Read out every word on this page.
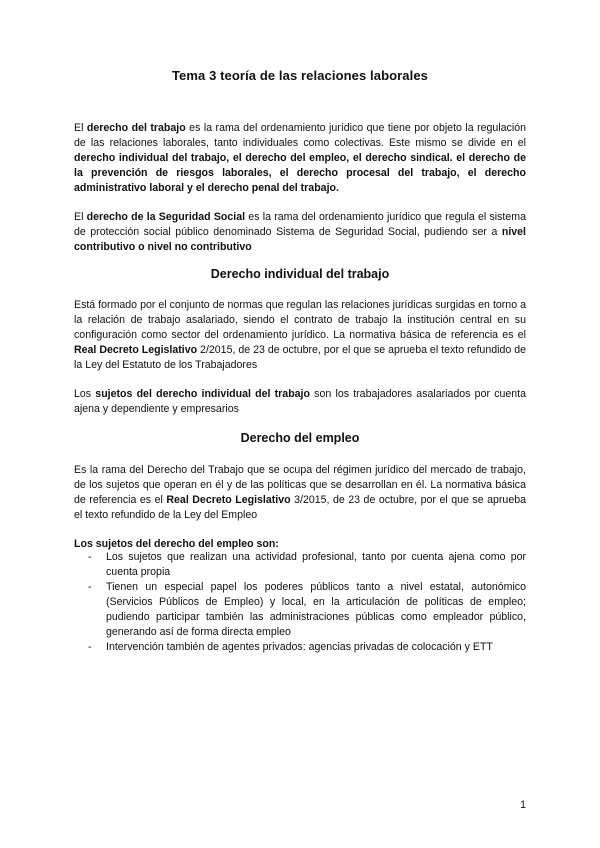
Tema 3 teoría de las relaciones laborales

El derecho del trabajo es la rama del ordenamiento jurídico que tiene por objeto la regulación de las relaciones laborales, tanto individuales como colectivas. Este mismo se divide en el derecho individual del trabajo, el derecho del empleo, el derecho sindical. el derecho de la prevención de riesgos laborales, el derecho procesal del trabajo, el derecho administrativo laboral y el derecho penal del trabajo.

El derecho de la Seguridad Social es la rama del ordenamiento jurídico que regula el sistema de protección social público denominado Sistema de Seguridad Social, pudiendo ser a nivel contributivo o nivel no contributivo

Derecho individual del trabajo

Está formado por el conjunto de normas que regulan las relaciones jurídicas surgidas en torno a la relación de trabajo asalariado, siendo el contrato de trabajo la institución central en su configuración como sector del ordenamiento jurídico. La normativa básica de referencia es el Real Decreto Legislativo 2/2015, de 23 de octubre, por el que se aprueba el texto refundido de la Ley del Estatuto de los Trabajadores

Los sujetos del derecho individual del trabajo son los trabajadores asalariados por cuenta ajena y dependiente y empresarios

Derecho del empleo

Es la rama del Derecho del Trabajo que se ocupa del régimen jurídico del mercado de trabajo, de los sujetos que operan en él y de las políticas que se desarrollan en él. La normativa básica de referencia es el Real Decreto Legislativo 3/2015, de 23 de octubre, por el que se aprueba el texto refundido de la Ley del Empleo

Los sujetos del derecho del empleo son:

- Los sujetos que realizan una actividad profesional, tanto por cuenta ajena como por cuenta propia
- Tienen un especial papel los poderes públicos tanto a nivel estatal, autonómico (Servicios Públicos de Empleo) y local, en la articulación de políticas de empleo; pudiendo participar también las administraciones públicas como empleador público, generando así de forma directa empleo
- Intervención también de agentes privados: agencias privadas de colocación y ETT
1
